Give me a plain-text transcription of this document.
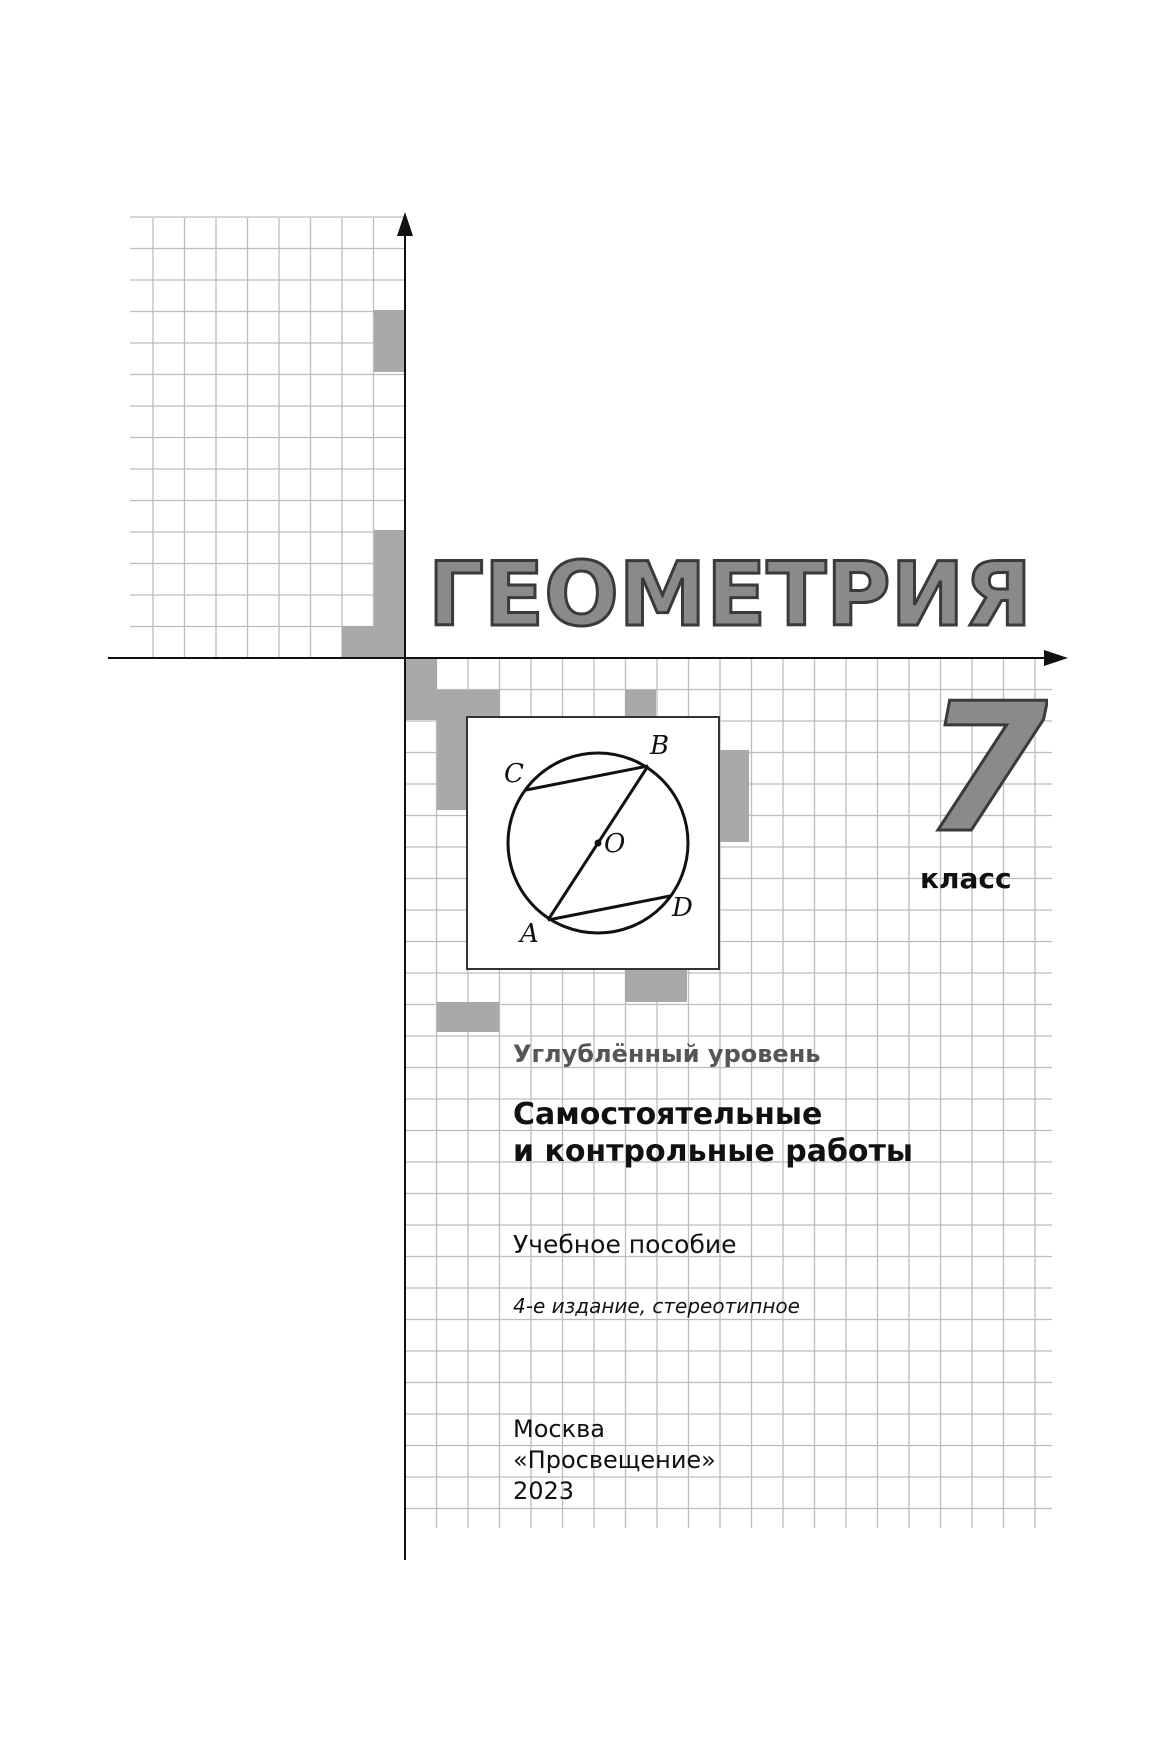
ГЕОМЕТРИЯ
7
класс
C
B
O
D
A
Углублённый уровень
Самостоятельные
и контрольные работы
Учебное пособие
4-е издание, стереотипное
Москва
«Просвещение»
2023
